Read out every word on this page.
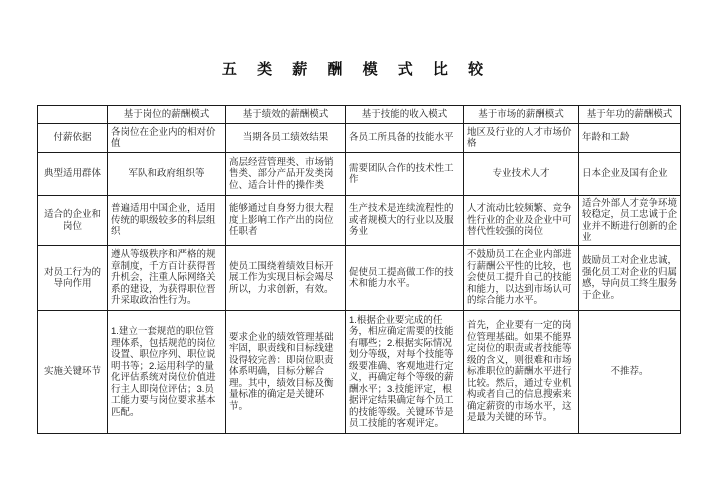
五 类 薪 酬 模 式 比 较
	基于岗位的薪酬模式	基于绩效的薪酬模式	基于技能的收入模式	基于市场的薪酬模式	基于年功的薪酬模式
付薪依据	各岗位在企业内的相对价值	当期各员工绩效结果	各员工所具备的技能水平	地区及行业的人才市场价格	年龄和工龄
典型适用群体	军队和政府组织等	高层经营管理类、市场销售类、部分产品开发类岗位、适合计件的操作类	需要团队合作的技术性工作	专业技术人才	日本企业及国有企业
适合的企业和岗位	普遍适用中国企业，适用传统的职级较多的科层组织	能够通过自身努力很大程度上影响工作产出的岗位任职者	生产技术是连续流程性的或者规模大的行业以及服务业	人才流动比较频繁、竞争性行业的企业及企业中可替代性较强的岗位	适合外部人才竞争环境较稳定，员工忠诚于企业并不断进行创新的企业
对员工行为的导向作用	遵从等级秩序和严格的规章制度，千方百计获得晋升机会，注重人际网络关系的建设，为获得职位晋升采取政治性行为。	使员工围绕着绩效目标开展工作为实现目标会竭尽所以，力求创新，有效。	促使员工提高做工作的技术和能力水平。	不鼓励员工在企业内部进行薪酬公平性的比较，也会使员工提升自己的技能和能力，以达到市场认可的综合能力水平。	鼓励员工对企业忠诚，强化员工对企业的归属感，导向员工终生服务于企业。
实施关键环节	1.建立一套规范的职位管理体系，包括规范的岗位设置、职位序列、职位说明书等；2.运用科学的量化评估系统对岗位价值进行主人即岗位评估；3.员工能力要与岗位要求基本匹配。	要求企业的绩效管理基础牢固，职责线和目标线建设得较完善：即岗位职责体系明确，目标分解合理。其中，绩效目标及衡量标准的确定是关键环节。	1.根据企业要完成的任务，相应确定需要的技能有哪些；2.根据实际情况划分等级，对每个技能等级要准确、客观地进行定义，再确定每个等级的薪酬水平；3.技能评定，根据评定结果确定每个员工的技能等级。关键环节是员工技能的客观评定。	首先，企业要有一定的岗位管理基础。如果不能界定岗位的职责或者技能等级的含义，则很难和市场标准职位的薪酬水平进行比较。然后，通过专业机构或者自己的信息搜索来确定薪资的市场水平，这是最为关键的环节。	不推荐。
